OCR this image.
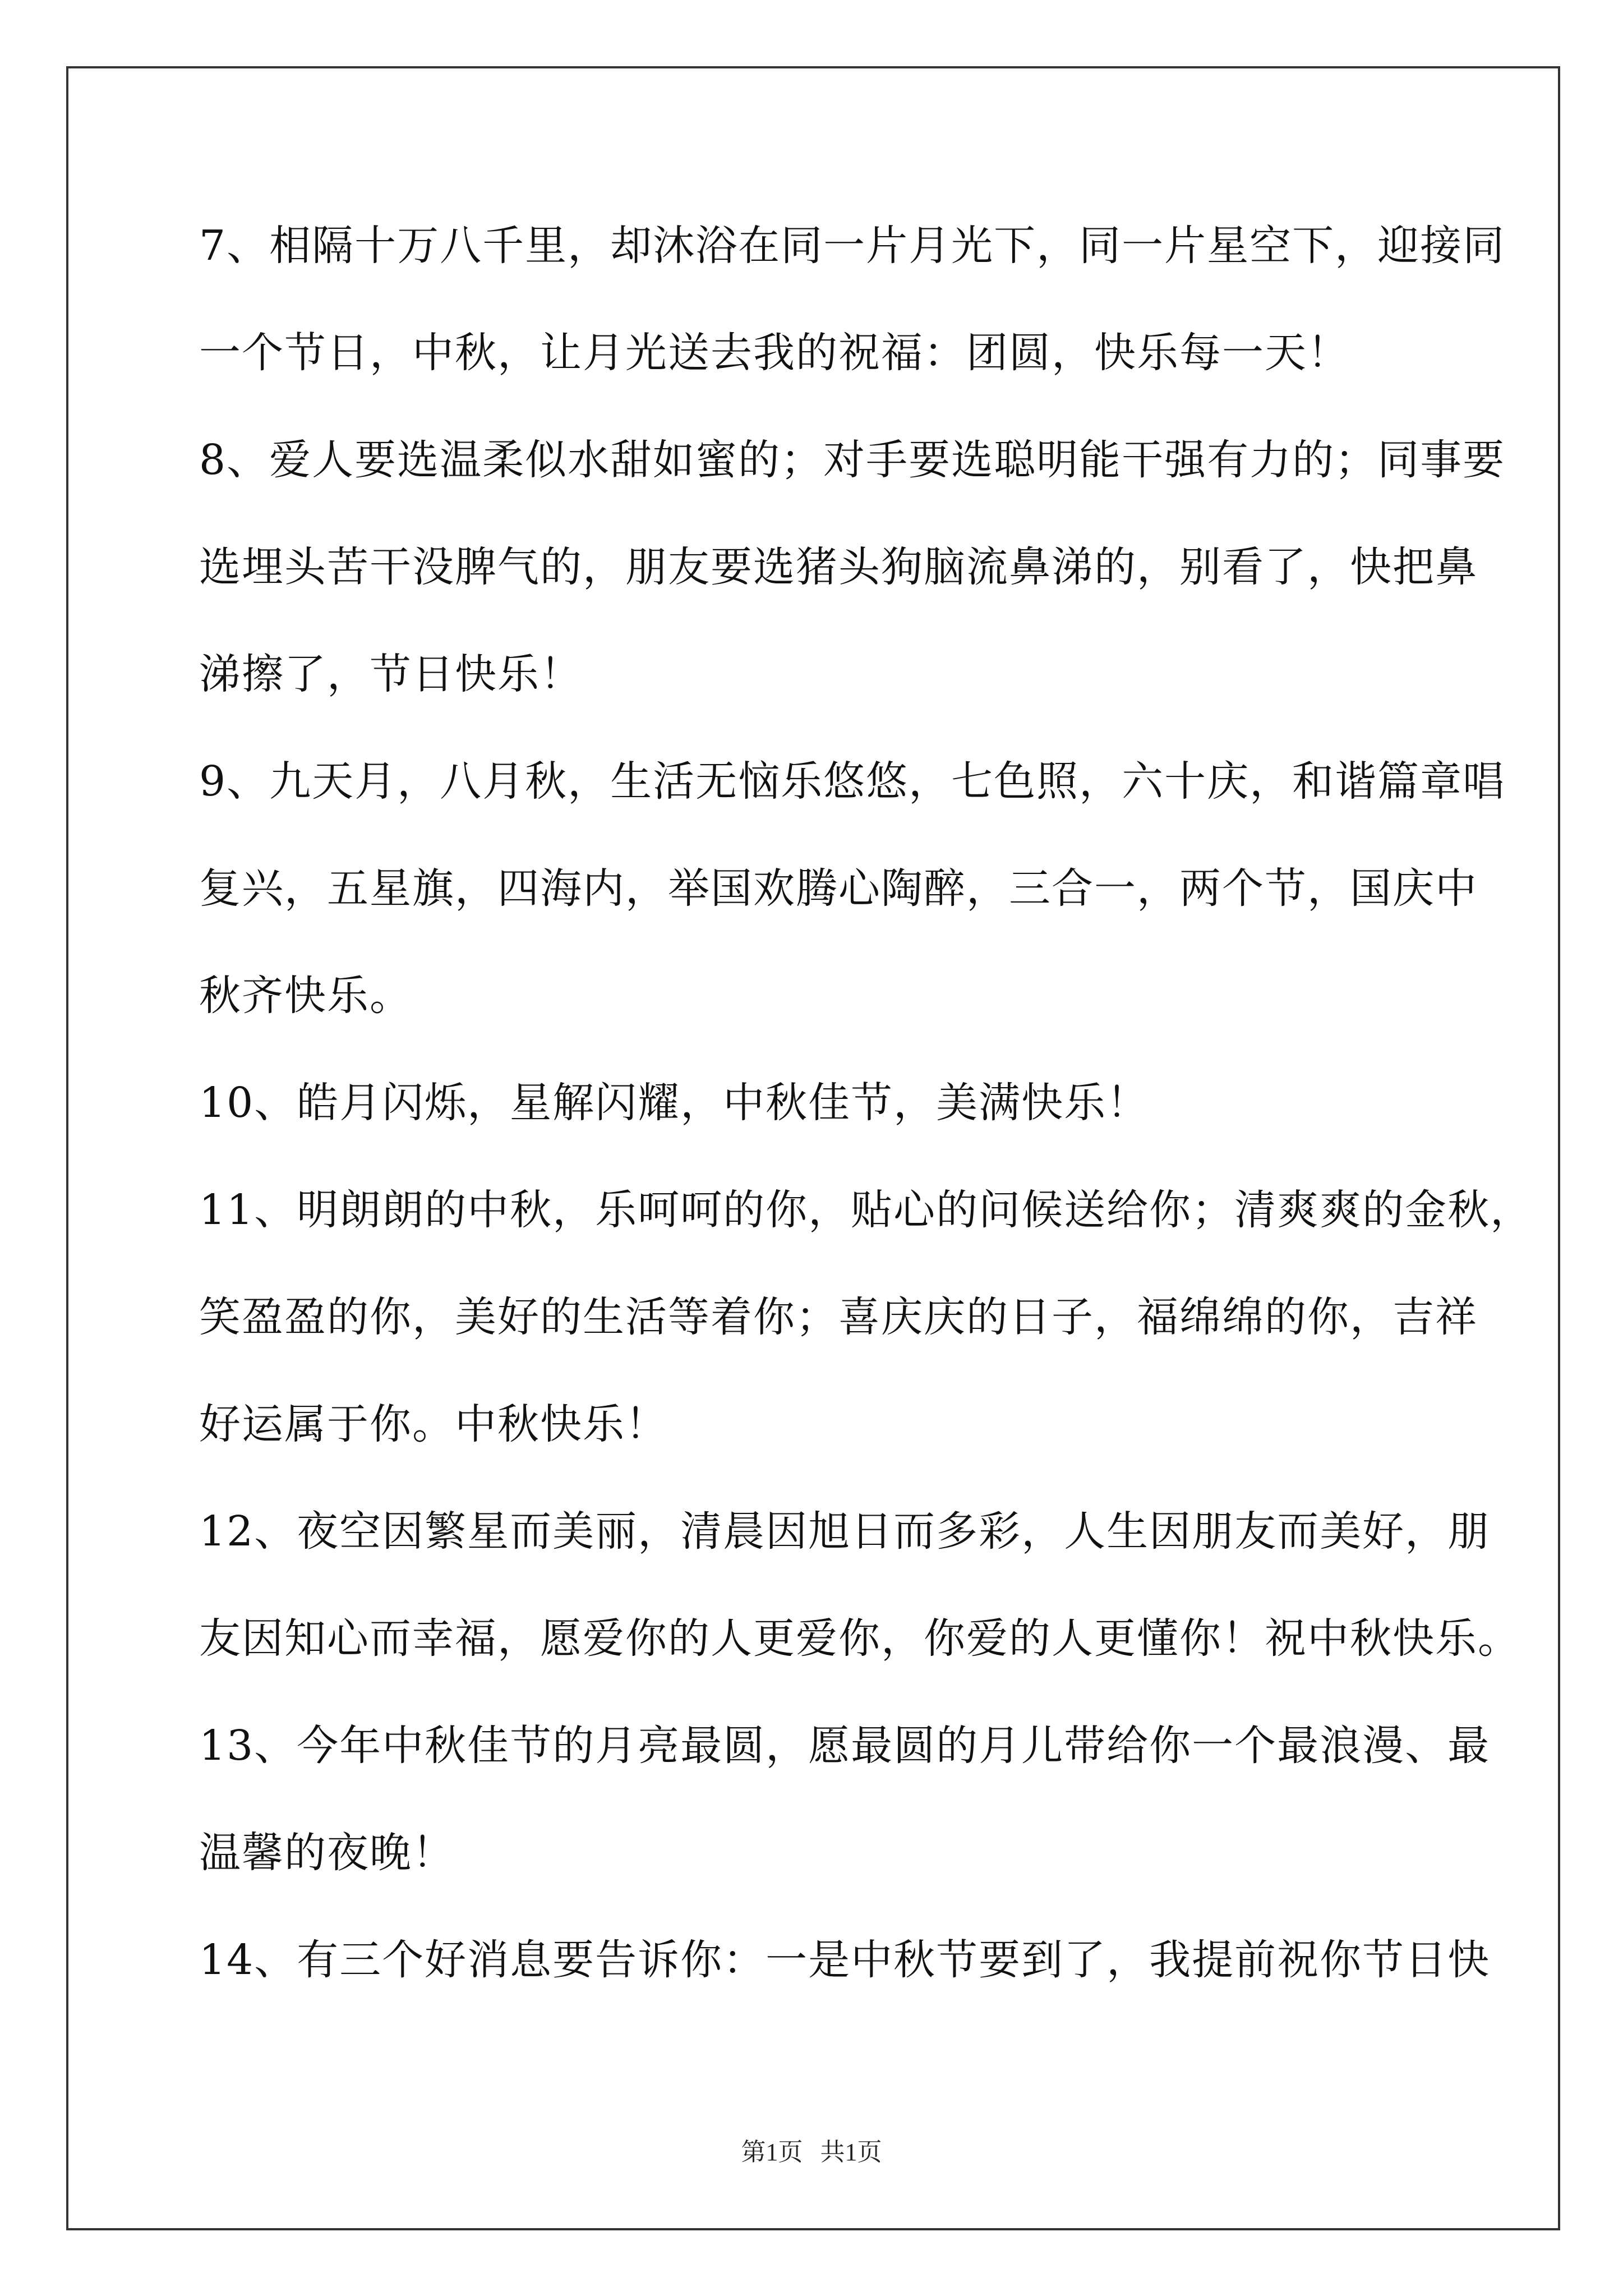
7、相隔十万八千里，却沐浴在同一片月光下，同一片星空下，迎接同
一个节日，中秋，让月光送去我的祝福：团圆，快乐每一天！
8、爱人要选温柔似水甜如蜜的；对手要选聪明能干强有力的；同事要
选埋头苦干没脾气的，朋友要选猪头狗脑流鼻涕的，别看了，快把鼻
涕擦了，节日快乐！
9、九天月，八月秋，生活无恼乐悠悠，七色照，六十庆，和谐篇章唱
复兴，五星旗，四海内，举国欢腾心陶醉，三合一，两个节，国庆中
秋齐快乐。
10、皓月闪烁，星解闪耀，中秋佳节，美满快乐！
11、明朗朗的中秋，乐呵呵的你，贴心的问候送给你；清爽爽的金秋，
笑盈盈的你，美好的生活等着你；喜庆庆的日子，福绵绵的你，吉祥
好运属于你。中秋快乐！
12、夜空因繁星而美丽，清晨因旭日而多彩，人生因朋友而美好，朋
友因知心而幸福，愿爱你的人更爱你，你爱的人更懂你！祝中秋快乐。
13、今年中秋佳节的月亮最圆，愿最圆的月儿带给你一个最浪漫、最
温馨的夜晚！
14、有三个好消息要告诉你：一是中秋节要到了，我提前祝你节日快
第1页 共1页
